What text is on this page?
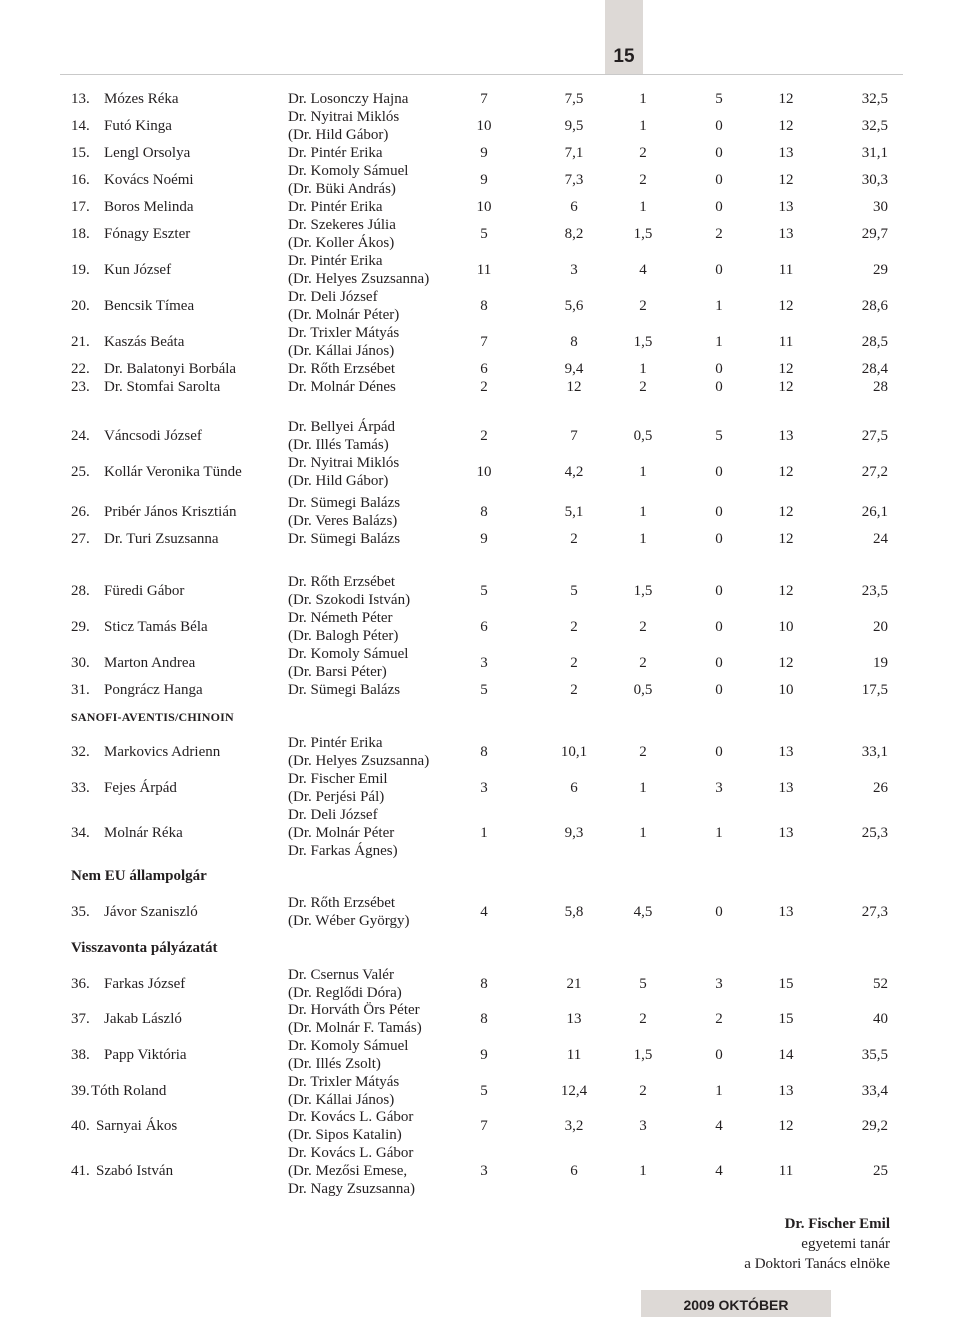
15
13. Mózes Réka	Dr. Losonczy Hajna	7	7,5	1	5	12	32,5
14. Futó Kinga
Dr. Nyitrai Miklós
(Dr. Hild Gábor)
10	9,5	1	0	12	32,5
15. Lengl Orsolya	Dr. Pintér Erika	9	7,1	2	0	13	31,1
16. Kovács Noémi
Dr. Komoly Sámuel
(Dr. Büki András)
9	7,3	2	0	12	30,3
17. Boros Melinda	Dr. Pintér Erika	10	6	1	0	13	30
18. Fónagy Eszter
Dr. Szekeres Júlia
(Dr. Koller Ákos)
5	8,2	1,5	2	13	29,7
19. Kun József
Dr. Pintér Erika
(Dr. Helyes Zsuzsanna)
11	3	4	0	11	29
20. Bencsik Tímea
Dr. Deli József
(Dr. Molnár Péter)
8	5,6	2	1	12	28,6
21. Kaszás Beáta
Dr. Trixler Mátyás
(Dr. Kállai János)
7	8	1,5	1	11	28,5
22. Dr. Balatonyi Borbála	Dr. Rőth Erzsébet	6	9,4	1	0	12	28,4
23. Dr. Stomfai Sarolta	Dr. Molnár Dénes	2	12	2	0	12	28
24. Váncsodi József
Dr. Bellyei Árpád
(Dr. Illés Tamás)
2	7	0,5	5	13	27,5
25. Kollár Veronika Tünde
Dr. Nyitrai Miklós
(Dr. Hild Gábor)
10	4,2	1	0	12	27,2
26. Pribér János Krisztián
Dr. Sümegi Balázs
(Dr. Veres Balázs)
8	5,1	1	0	12	26,1
27. Dr. Turi Zsuzsanna	Dr. Sümegi Balázs	9	2	1	0	12	24
28. Füredi Gábor
Dr. Rőth Erzsébet
(Dr. Szokodi István)
5	5	1,5	0	12	23,5
29. Sticz Tamás Béla
Dr. Németh Péter
(Dr. Balogh Péter)
6	2	2	0	10	20
30. Marton Andrea
Dr. Komoly Sámuel
(Dr. Barsi Péter)
3	2	2	0	12	19
31. Pongrácz Hanga	Dr. Sümegi Balázs	5	2	0,5	0	10	17,5
SANOFI-AVENTIS/CHINOIN
32. Markovics Adrienn
Dr. Pintér Erika
(Dr. Helyes Zsuzsanna)
8	10,1	2	0	13	33,1
33. Fejes Árpád
Dr. Fischer Emil
(Dr. Perjési Pál)
3	6	1	3	13	26
34. Molnár Réka
Dr. Deli József
(Dr. Molnár Péter
Dr. Farkas Ágnes)
1	9,3	1	1	13	25,3
Nem EU állampolgár
35. Jávor Szaniszló
Dr. Rőth Erzsébet
(Dr. Wéber György)
4	5,8	4,5	0	13	27,3
Visszavonta pályázatát
36. Farkas József
Dr. Csernus Valér
(Dr. Reglődi Dóra)
8	21	5	3	15	52
37. Jakab László
Dr. Horváth Örs Péter
(Dr. Molnár F. Tamás)
8	13	2	2	15	40
38. Papp Viktória
Dr. Komoly Sámuel
(Dr. Illés Zsolt)
9	11	1,5	0	14	35,5
39. Tóth Roland
Dr. Trixler Mátyás
(Dr. Kállai János)
5	12,4	2	1	13	33,4
40. Sarnyai Ákos
Dr. Kovács L. Gábor
(Dr. Sipos Katalin)
7	3,2	3	4	12	29,2
41. Szabó István
Dr. Kovács L. Gábor
(Dr. Mezősi Emese,
Dr. Nagy Zsuzsanna)
3	6	1	4	11	25
Dr. Fischer Emil
egyetemi tanár
a Doktori Tanács elnöke
2009 OKTÓBER
